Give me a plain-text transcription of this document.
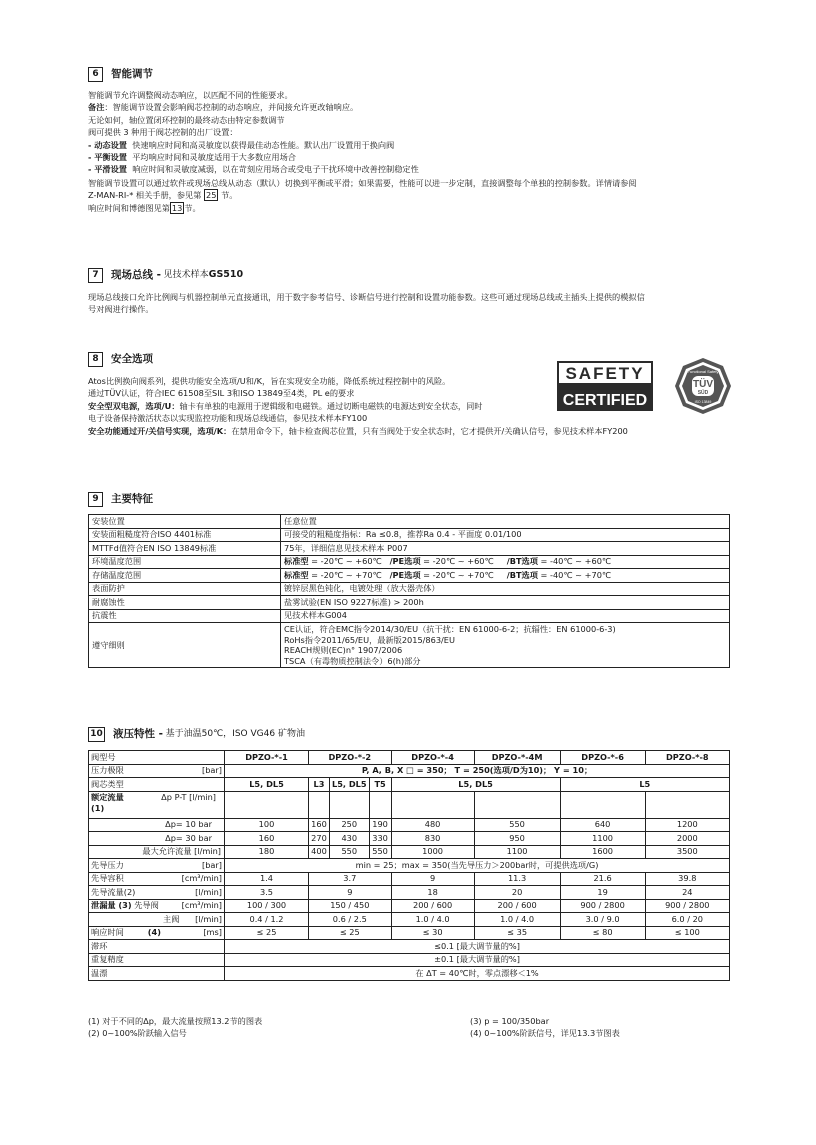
6	智能调节

智能调节允许调整阀动态响应，以匹配不同的性能要求。

备注：智能调节设置会影响阀芯控制的动态响应，并间接允许更改轴响应。

无论如何，轴位置闭环控制的最终动态由特定参数调节

阀可提供 3 种用于阀芯控制的出厂设置：

- 动态设置 快速响应时间和高灵敏度以获得最佳动态性能。默认出厂设置用于换向阀

- 平衡设置 平均响应时间和灵敏度适用于大多数应用场合

- 平滑设置 响应时间和灵敏度减弱，以在苛刻应用场合或受电子干扰环境中改善控制稳定性

智能调节设置可以通过软件或现场总线从动态（默认）切换到平衡或平滑；如果需要，性能可以进一步定制，直接调整每个单独的控制参数。详情请参阅

Z-MAN-RI-* 相关手册，参见第 25 节。

响应时间和博德图见第 13 节。

7	现场总线 -
见技术样本 GS510

现场总线接口允许比例阀与机器控制单元直接通讯，用于数字参考信号、诊断信号进行控制和设置功能参数。这些可通过现场总线或主插头上提供的模拟信

号对阀进行操作。

8	安全选项

Atos比例换向阀系列，提供功能安全选项/U和/K，旨在实现安全功能，降低系统过程控制中的风险。

通过TÜV认证，符合IEC 61508至SIL 3和ISO 13849至4类，PL e的要求

安全型双电源，选项/U：轴卡有单独的电源用于逻辑级和电磁铁。通过切断电磁铁的电源达到安全状态，同时

电子设备保持激活状态以实现监控功能和现场总线通信，参见技术样本FY100

安全功能通过开/关信号实现，选项/K：在禁用命令下，轴卡检查阀芯位置，只有当阀处于安全状态时，它才提供开/关确认信号，参见技术样本FY200

SAFETY
CERTIFIED
Functional Safety
TÜV
SÜD
ISO 13849
9	主要特征
安装位置	任意位置
安装面粗糙度符合ISO 4401标准	可接受的粗糙度指标：Ra ≤0.8，推荐Ra 0.4 - 平面度 0.01/100
MTTFd值符合EN ISO 13849标准	75年，详细信息见技术样本 P007
环境温度范围	标准型 = -20℃ ~ +60℃ /PE选项 = -20℃ ~ +60℃ /BT选项 = -40℃ ~ +60℃
存储温度范围	标准型 = -20℃ ~ +70℃ /PE选项 = -20℃ ~ +70℃ /BT选项 = -40℃ ~ +70℃
表面防护	镀锌层黑色钝化，电镀处理（放大器壳体）
耐腐蚀性	盐雾试验(EN ISO 9227标准) > 200h
抗震性	见技术样本G004
遵守细则	CE认证，符合EMC指令2014/30/EU（抗干扰：EN 61000-6-2；抗辐性：EN 61000-6-3)
RoHs指令2011/65/EU，最新版2015/863/EU
REACH规则(EC)n° 1907/2006
TSCA（有毒物质控制法令）6(h)部分
10 液压特性 -
基于油温50℃，ISO VG46 矿物油
阀型号	DPZO-*-1	DPZO-*-2			DPZO-*-4	DPZO-*-4M	DPZO-*-6	DPZO-*-8
压力极限 [bar]	P, A, B, X □ = 350； T = 250(选项/D为10)； Y = 10；							
阀芯类型	L5, DL5	L3	L5, DL5	T5	L5, DL5		L5	

额定流量 Δp P-T [l/min]
(1)								

Δp= 10 bar	100	160	250	190	480	550	640	1200
Δp= 30 bar	160	270	430	330	830	950	1100	2000
最大允许流量 [l/min]	180	400	550	550	1000	1100	1600	3500
先导压力 [bar]	min = 25；max = 350(当先导压力＞200bar时，可提供选项/G)							
先导容积 [cm³/min]	1.4	3.7			9	11.3	21.6	39.8
先导流量(2) [l/min]	3.5	9			18	20	19	24
泄漏量 (3) 先导阀 [cm³/min]	100 / 300	150 / 450			200 / 600	200 / 600	900 / 2800	900 / 2800
主阀 [l/min]	0.4 / 1.2	0.6 / 2.5			1.0 / 4.0	1.0 / 4.0	3.0 / 9.0	6.0 / 20
响应时间 (4) [ms]	≤ 25	≤ 25			≤ 30	≤ 35	≤ 80	≤ 100
滞环	≤0.1 [最大调节量的%]							
重复精度	±0.1 [最大调节量的%]							
温漂	在 ΔT = 40℃时，零点漂移＜1%							
(1) 对于不同的Δp，最大流量按照13.2节的图表
(2) 0~100%阶跃输入信号
(3) p = 100/350bar
(4) 0~100%阶跃信号，详见13.3节图表
